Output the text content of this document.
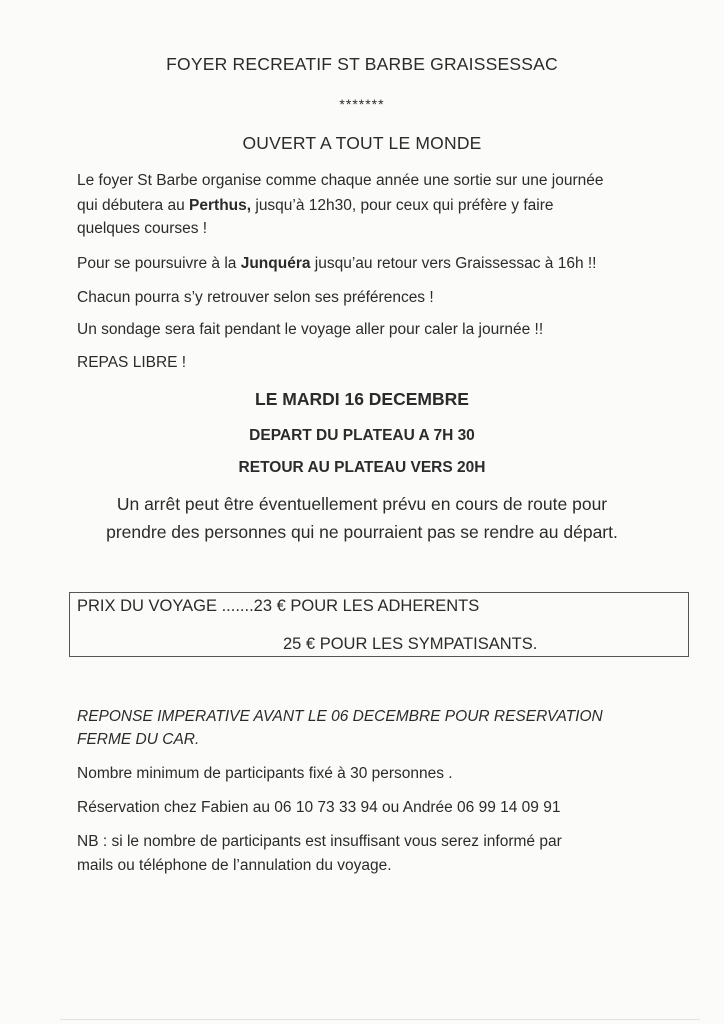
FOYER RECREATIF ST BARBE GRAISSESSAC
*******
OUVERT A TOUT LE MONDE
Le foyer St Barbe organise comme chaque année une sortie sur une journée
qui débutera au Perthus, jusqu’à 12h30, pour ceux qui préfère y faire
quelques courses !
Pour se poursuivre à la Junquéra jusqu’au retour vers Graissessac à 16h !!
Chacun pourra s’y retrouver selon ses préférences !
Un sondage sera fait pendant le voyage aller pour caler la journée !!
REPAS LIBRE !
LE MARDI 16 DECEMBRE
DEPART DU PLATEAU A 7H 30
RETOUR AU PLATEAU VERS 20H
Un arrêt peut être éventuellement prévu en cours de route pour
prendre des personnes qui ne pourraient pas se rendre au départ.
PRIX DU VOYAGE .......23 € POUR LES ADHERENTS
25 € POUR LES SYMPATISANTS.
REPONSE IMPERATIVE AVANT LE 06 DECEMBRE POUR RESERVATION
FERME DU CAR.
Nombre minimum de participants fixé à 30 personnes .
Réservation chez Fabien au 06 10 73 33 94 ou Andrée 06 99 14 09 91
NB : si le nombre de participants est insuffisant vous serez informé par
mails ou téléphone de l’annulation du voyage.
